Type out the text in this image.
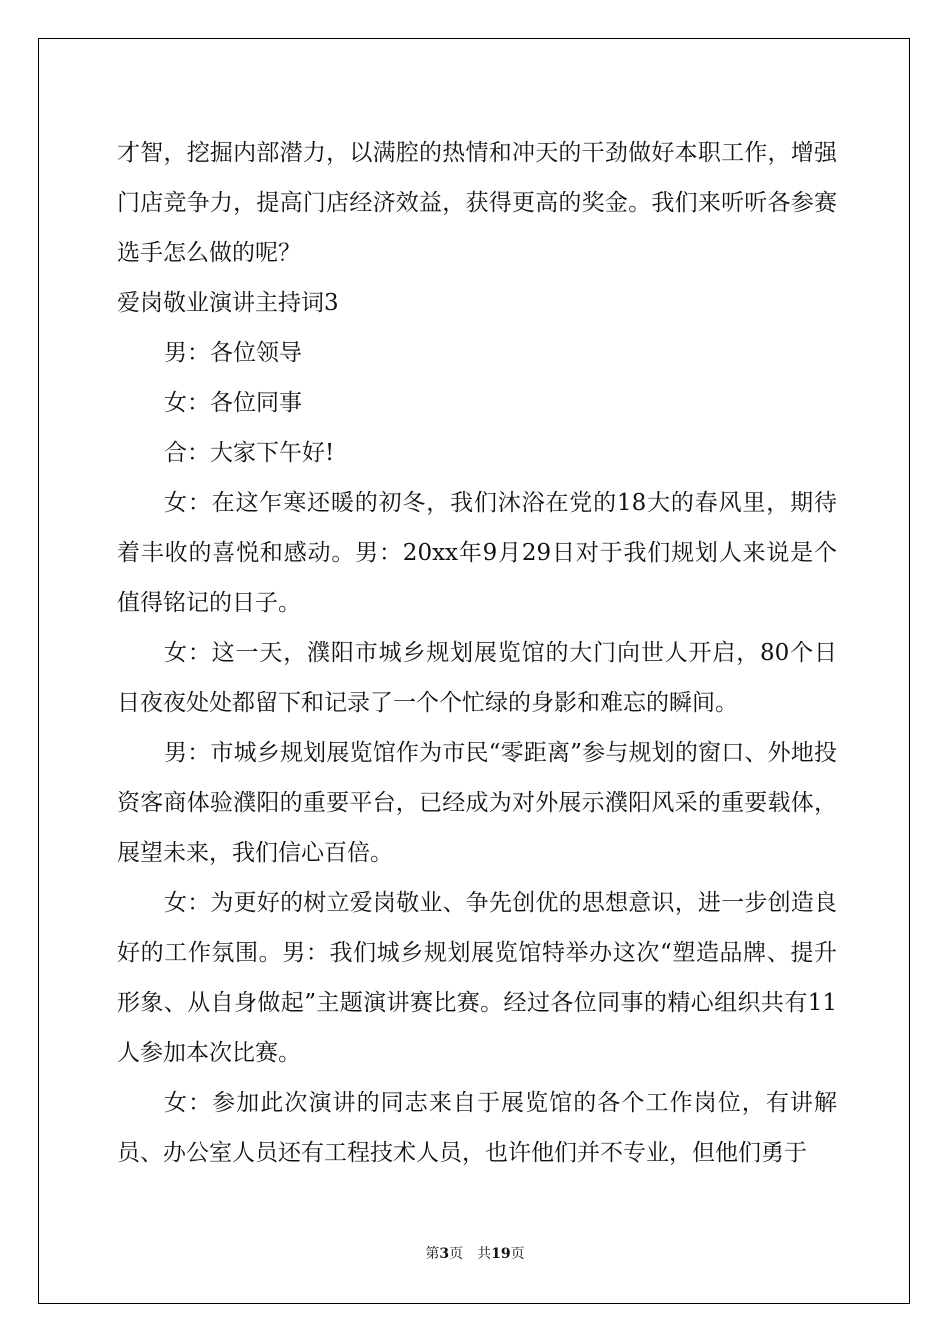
才智，挖掘内部潜力，以满腔的热情和冲天的干劲做好本职工作，增强门店竞争力，提高门店经济效益，获得更高的奖金。我们来听听各参赛选手怎么做的呢？

爱岗敬业演讲主持词3

男：各位领导

女：各位同事

合：大家下午好!

女：在这乍寒还暖的初冬，我们沐浴在党的18大的春风里，期待着丰收的喜悦和感动。男：20xx年9月29日对于我们规划人来说是个值得铭记的日子。

女：这一天，濮阳市城乡规划展览馆的大门向世人开启，80个日日夜夜处处都留下和记录了一个个忙绿的身影和难忘的瞬间。

男：市城乡规划展览馆作为市民“零距离”参与规划的窗口、外地投资客商体验濮阳的重要平台，已经成为对外展示濮阳风采的重要载体，展望未来，我们信心百倍。

女：为更好的树立爱岗敬业、争先创优的思想意识，进一步创造良好的工作氛围。男：我们城乡规划展览馆特举办这次“塑造品牌、提升形象、从自身做起”主题演讲赛比赛。经过各位同事的精心组织共有11人参加本次比赛。

女：参加此次演讲的同志来自于展览馆的各个工作岗位，有讲解员、办公室人员还有工程技术人员，也许他们并不专业，但他们勇于

第3页 共19页
